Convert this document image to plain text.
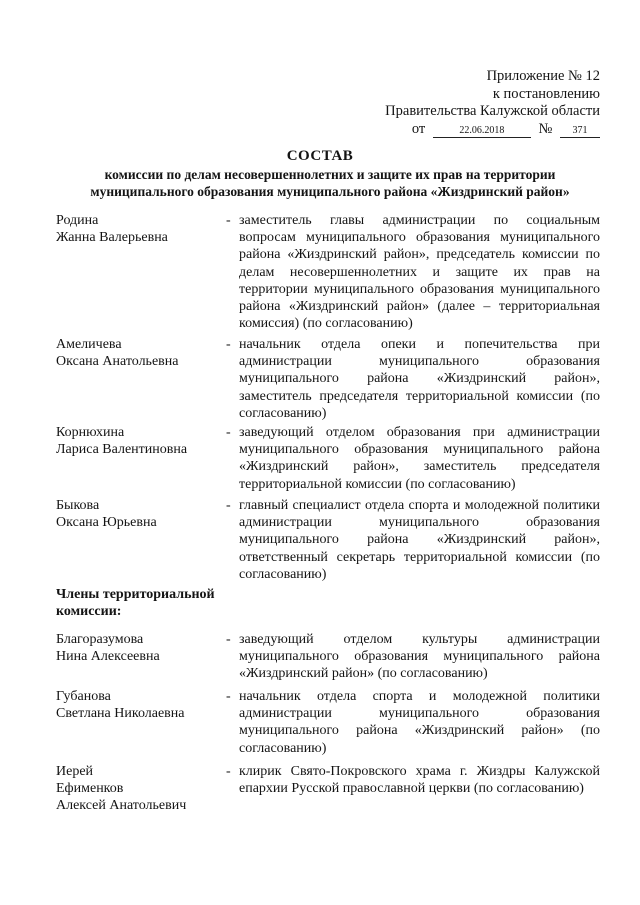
Приложение № 12
к постановлению
Правительства Калужской области
от	22.06.2018 № 371
СОСТАВ
комиссии по делам несовершеннолетних и защите их прав на территории муниципального образования муниципального района «Жиздринский район»
Родина
Жанна Валерьевна
- заместитель главы администрации по социальным вопросам муниципального образования муниципального района «Жиздринский район», председатель комиссии по делам несовершеннолетних и защите их прав на территории муниципального образования муниципального района «Жиздринский район» (далее – территориальная комиссия) (по согласованию)
Амеличева
Оксана Анатольевна
- начальник отдела опеки и попечительства при администрации муниципального образования муниципального района «Жиздринский район», заместитель председателя территориальной комиссии (по согласованию)
Корнюхина
Лариса Валентиновна
- заведующий отделом образования при администрации муниципального образования муниципального района «Жиздринский район», заместитель председателя территориальной комиссии (по согласованию)
Быкова
Оксана Юрьевна
- главный специалист отдела спорта и молодежной политики администрации муниципального образования муниципального района «Жиздринский район», ответственный секретарь территориальной комиссии (по согласованию)
Члены территориальной комиссии:
Благоразумова
Нина Алексеевна
- заведующий отделом культуры администрации муниципального образования муниципального района «Жиздринский район» (по согласованию)
Губанова
Светлана Николаевна
- начальник отдела спорта и молодежной политики администрации муниципального образования муниципального района «Жиздринский район» (по согласованию)
Иерей
Ефименков
Алексей Анатольевич
- клирик Свято-Покровского храма г. Жиздры Калужской епархии Русской православной церкви (по согласованию)
